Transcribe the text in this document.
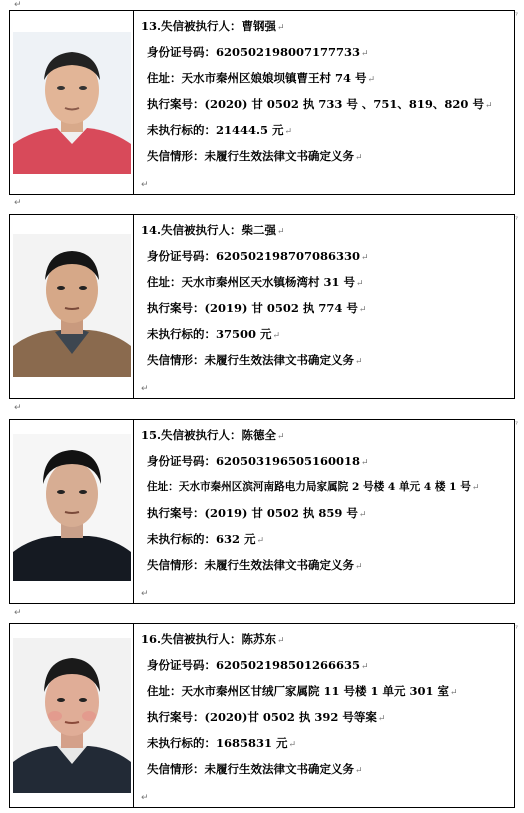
↵
13.失信被执行人：曹钢强↵
身份证号码：620502198007177733↵
住址：天水市秦州区娘娘坝镇曹王村 74 号↵
执行案号：(2020) 甘 0502 执 733 号 、751、819、820 号↵
未执行标的：21444.5 元↵
失信情形：未履行生效法律文书确定义务↵
↵
ˀ
↵
14.失信被执行人：柴二强↵
身份证号码：620502198707086330↵
住址：天水市秦州区天水镇杨湾村 31 号↵
执行案号：(2019) 甘 0502 执 774 号↵
未执行标的：37500 元↵
失信情形：未履行生效法律文书确定义务↵
↵
ˀ
↵
15.失信被执行人：陈德全↵
身份证号码：620503196505160018↵
住址：天水市秦州区滨河南路电力局家属院 2 号楼 4 单元 4 楼 1 号↵
执行案号：(2019) 甘 0502 执 859 号↵
未执行标的：632 元↵
失信情形：未履行生效法律文书确定义务↵
↵
ˀ
↵
16.失信被执行人：陈苏东↵
身份证号码：620502198501266635↵
住址：天水市秦州区甘绒厂家属院 11 号楼 1 单元 301 室↵
执行案号：(2020)甘 0502 执 392 号等案↵
未执行标的：1685831 元↵
失信情形：未履行生效法律文书确定义务↵
↵
ˀ
